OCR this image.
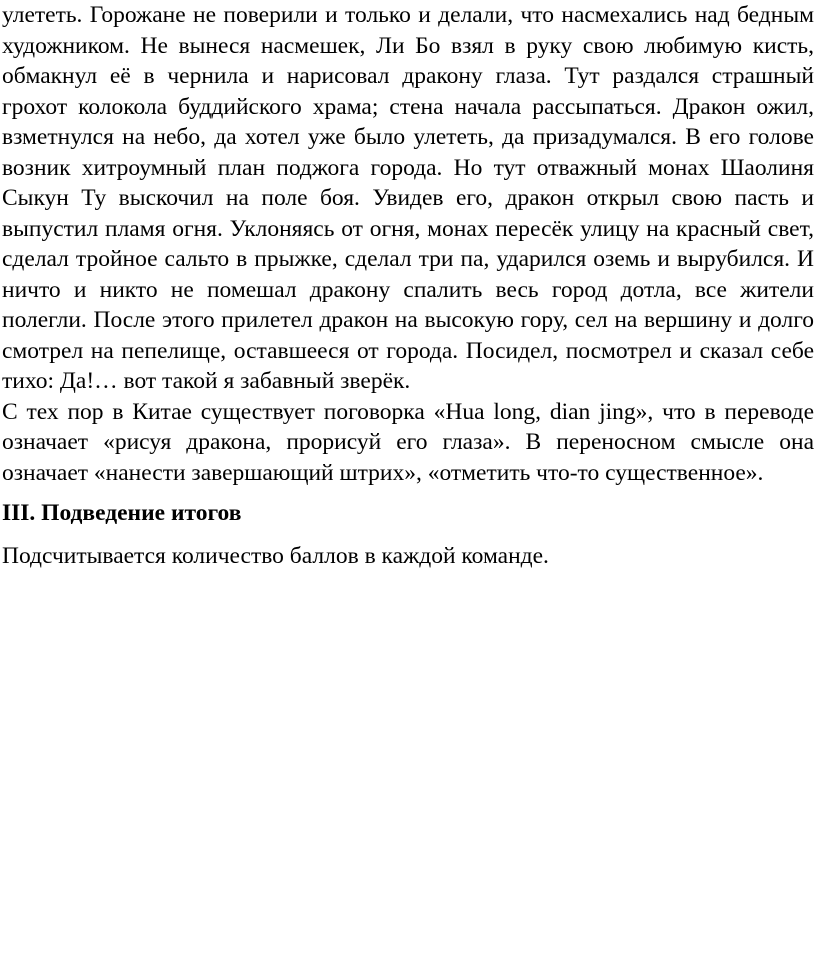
улететь. Горожане не поверили и только и делали, что насмехались над бедным художником. Не вынеся насмешек, Ли Бо взял в руку свою любимую кисть, обмакнул её в чернила и нарисовал дракону глаза. Тут раздался страшный грохот колокола буддийского храма; стена начала рассыпаться. Дракон ожил, взметнулся на небо, да хотел уже было улететь, да призадумался. В его голове возник хитроумный план поджога города. Но тут отважный монах Шаолиня Сыкун Ту выскочил на поле боя. Увидев его, дракон открыл свою пасть и выпустил пламя огня. Уклоняясь от огня, монах пересёк улицу на красный свет, сделал тройное сальто в прыжке, сделал три па, ударился оземь и вырубился. И ничто и никто не помешал дракону спалить весь город дотла, все жители полегли. После этого прилетел дракон на высокую гору, сел на вершину и долго смотрел на пепелище, оставшееся от города. Посидел, посмотрел и сказал себе тихо: Да!… вот такой я забавный зверёк.

С тех пор в Китае существует поговорка «Hua long, dian jing», что в переводе означает «рисуя дракона, прорисуй его глаза». В переносном смысле она означает «нанести завершающий штрих», «отметить что-то существенное».

III. Подведение итогов

Подсчитывается количество баллов в каждой команде.
